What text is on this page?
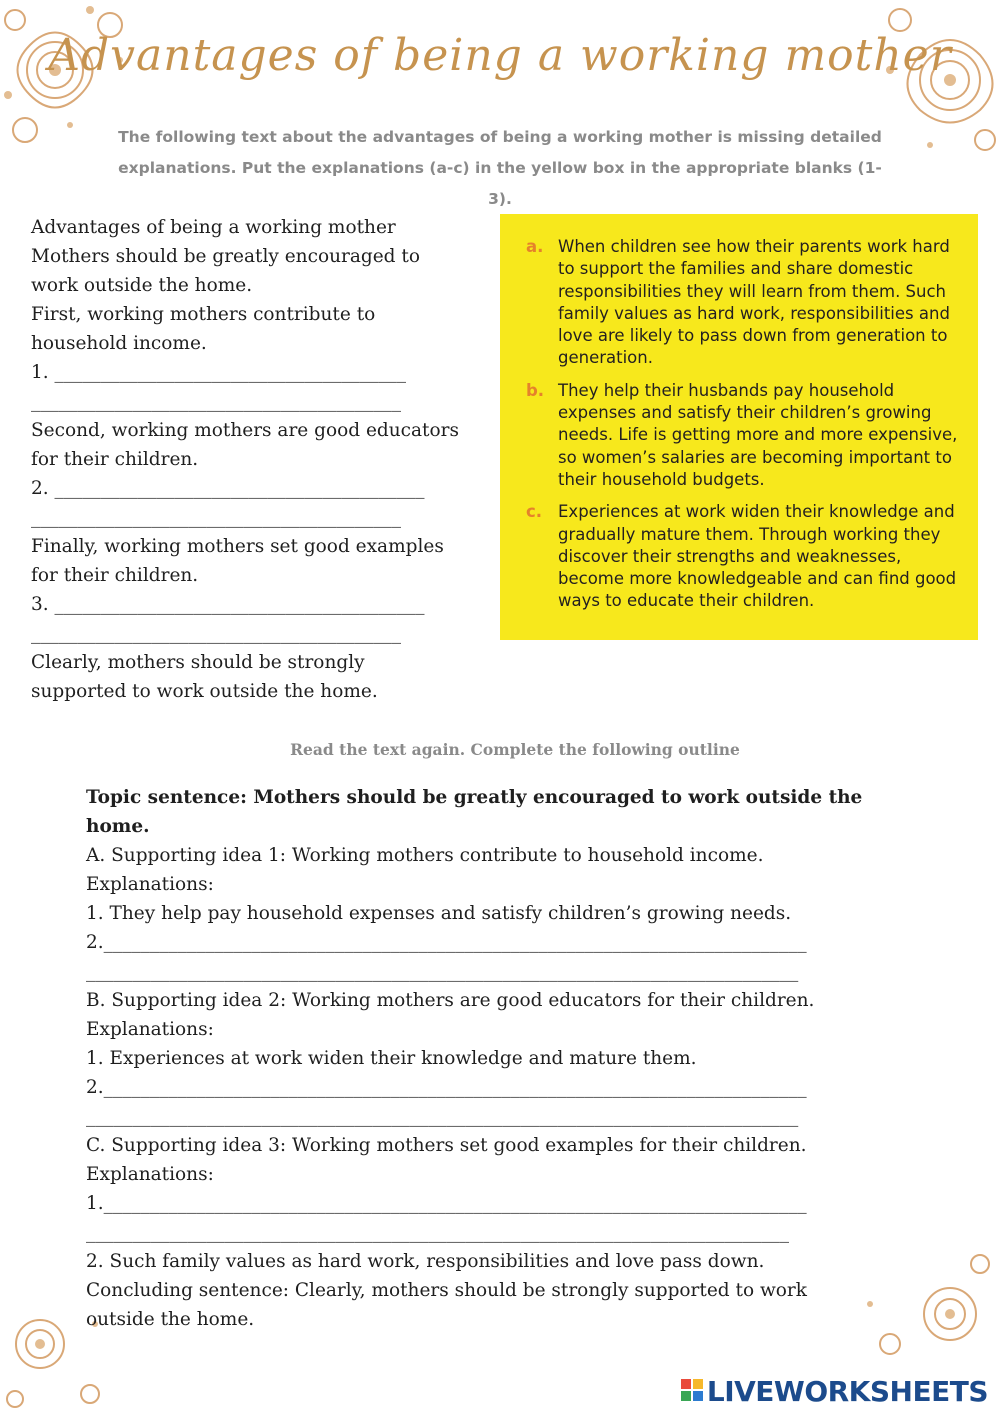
Advantages of being a working mother
The following text about the advantages of being a working mother is missing detailed
explanations. Put the explanations (a-c) in the yellow box in the appropriate blanks (1-3).
Advantages of being a working mother
Mothers should be greatly encouraged to
work outside the home.
First, working mothers contribute to
household income.
1. ______________________________________
________________________________________
Second, working mothers are good educators
for their children.
2. ________________________________________
________________________________________
Finally, working mothers set good examples
for their children.
3. ________________________________________
________________________________________
Clearly, mothers should be strongly
supported to work outside the home.
a. When children see how their parents work hard to support the families and share domestic responsibilities they will learn from them. Such family values as hard work, responsibilities and love are likely to pass down from generation to generation.
b. They help their husbands pay household expenses and satisfy their children’s growing needs. Life is getting more and more expensive, so women’s salaries are becoming important to their household budgets.
c. Experiences at work widen their knowledge and gradually mature them. Through working they discover their strengths and weaknesses, become more knowledgeable and can find good ways to educate their children.
Read the text again. Complete the following outline
Topic sentence: Mothers should be greatly encouraged to work outside the
home.
A. Supporting idea 1: Working mothers contribute to household income.
Explanations:
1. They help pay household expenses and satisfy children’s growing needs.
2.____________________________________________________________________________
_____________________________________________________________________________
B. Supporting idea 2: Working mothers are good educators for their children.
Explanations:
1. Experiences at work widen their knowledge and mature them.
2.____________________________________________________________________________
_____________________________________________________________________________
C. Supporting idea 3: Working mothers set good examples for their children.
Explanations:
1.____________________________________________________________________________
____________________________________________________________________________
2. Such family values as hard work, responsibilities and love pass down.
Concluding sentence: Clearly, mothers should be strongly supported to work
outside the home.
LIVEWORKSHEETS
